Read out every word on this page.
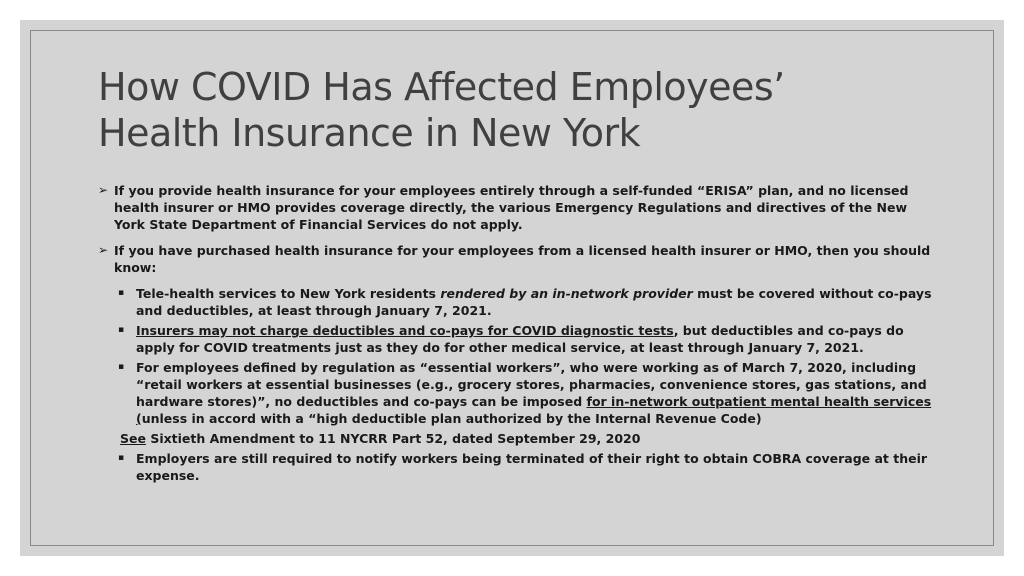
How COVID Has Affected Employees’
Health Insurance in New York
➢ If you provide health insurance for your employees entirely through a self-funded “ERISA” plan, and no licensed health insurer or HMO provides coverage directly, the various Emergency Regulations and directives of the New York State Department of Financial Services do not apply.
➢ If you have purchased health insurance for your employees from a licensed health insurer or HMO, then you should know:
▪ Tele-health services to New York residents rendered by an in-network provider must be covered without co-pays and deductibles, at least through January 7, 2021.
▪ Insurers may not charge deductibles and co-pays for COVID diagnostic tests, but deductibles and co-pays do apply for COVID treatments just as they do for other medical service, at least through January 7, 2021.
▪ For employees defined by regulation as “essential workers”, who were working as of March 7, 2020, including “retail workers at essential businesses (e.g., grocery stores, pharmacies, convenience stores, gas stations, and hardware stores)”, no deductibles and co-pays can be imposed for in-network outpatient mental health services (unless in accord with a “high deductible plan authorized by the Internal Revenue Code)
See Sixtieth Amendment to 11 NYCRR Part 52, dated September 29, 2020
▪ Employers are still required to notify workers being terminated of their right to obtain COBRA coverage at their expense.
